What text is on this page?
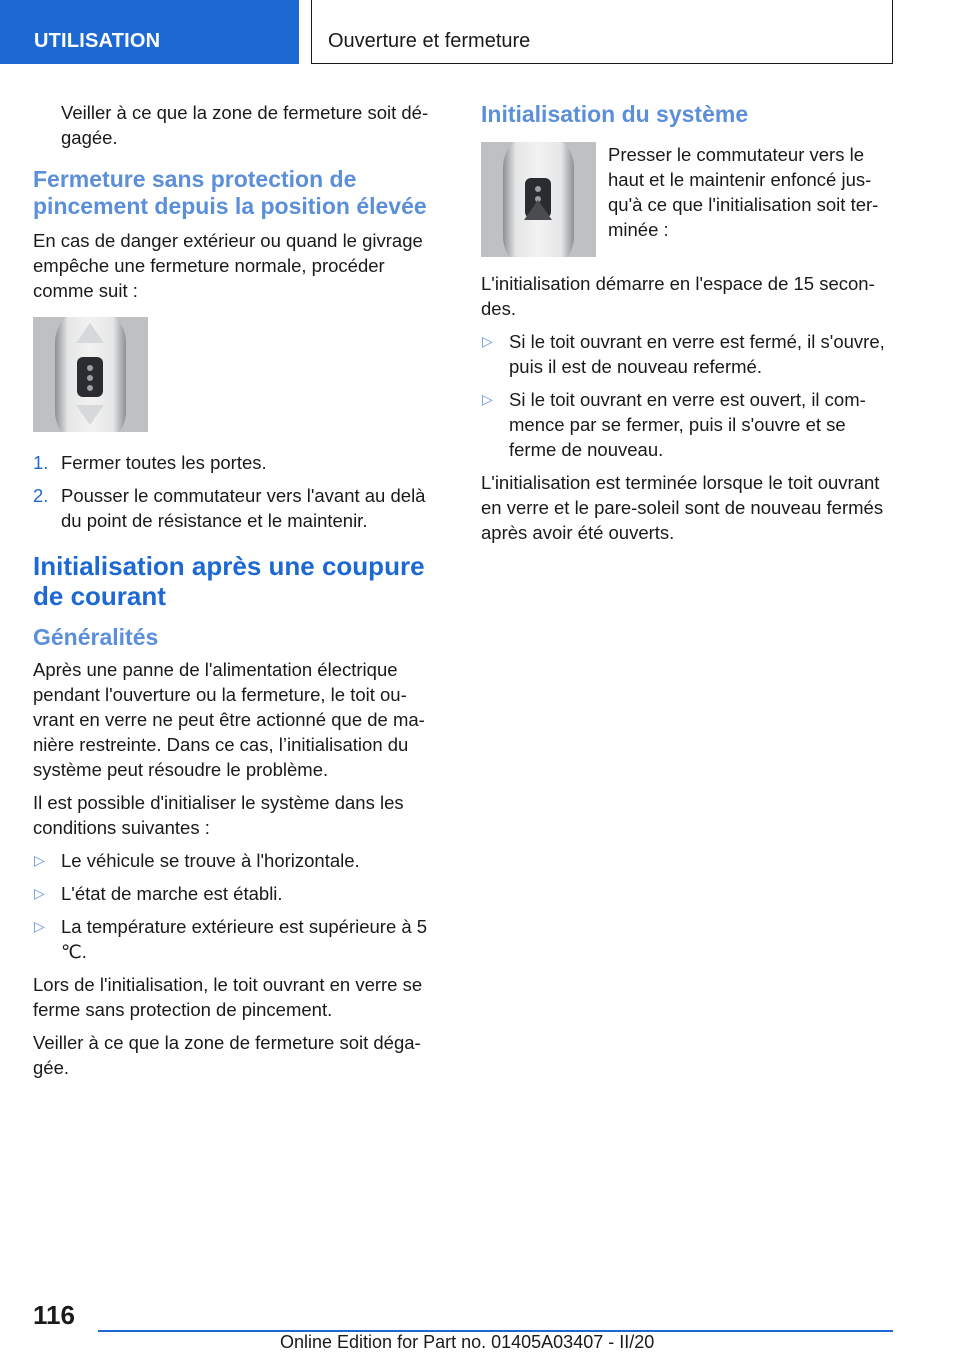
UTILISATION	Ouverture et fermeture

Veiller à ce que la zone de fermeture soit dégagée.

Fermeture sans protection de pincement depuis la position élevée

En cas de danger extérieur ou quand le givrage empêche une fermeture normale, procéder comme suit :

1. Fermer toutes les portes.
2. Pousser le commutateur vers l'avant au delà du point de résistance et le maintenir.
Initialisation après une coupure de courant
Généralités

Après une panne de l'alimentation électrique pendant l'ouverture ou la fermeture, le toit ouvrant en verre ne peut être actionné que de manière restreinte. Dans ce cas, l’initialisation du système peut résoudre le problème.

Il est possible d'initialiser le système dans les conditions suivantes :

▷ Le véhicule se trouve à l'horizontale.
▷ L'état de marche est établi.
▷ La température extérieure est supérieure à 5 ℃.

Lors de l'initialisation, le toit ouvrant en verre se ferme sans protection de pincement.

Veiller à ce que la zone de fermeture soit dégagée.

Initialisation du système

Presser le commutateur vers le haut et le maintenir enfoncé jusqu'à ce que l'initialisation soit terminée :

L'initialisation démarre en l'espace de 15 secondes.

▷ Si le toit ouvrant en verre est fermé, il s'ouvre, puis il est de nouveau refermé.
▷ Si le toit ouvrant en verre est ouvert, il commence par se fermer, puis il s'ouvre et se ferme de nouveau.

L'initialisation est terminée lorsque le toit ouvrant en verre et le pare-soleil sont de nouveau fermés après avoir été ouverts.

116
Online Edition for Part no. 01405A03407 - II/20
